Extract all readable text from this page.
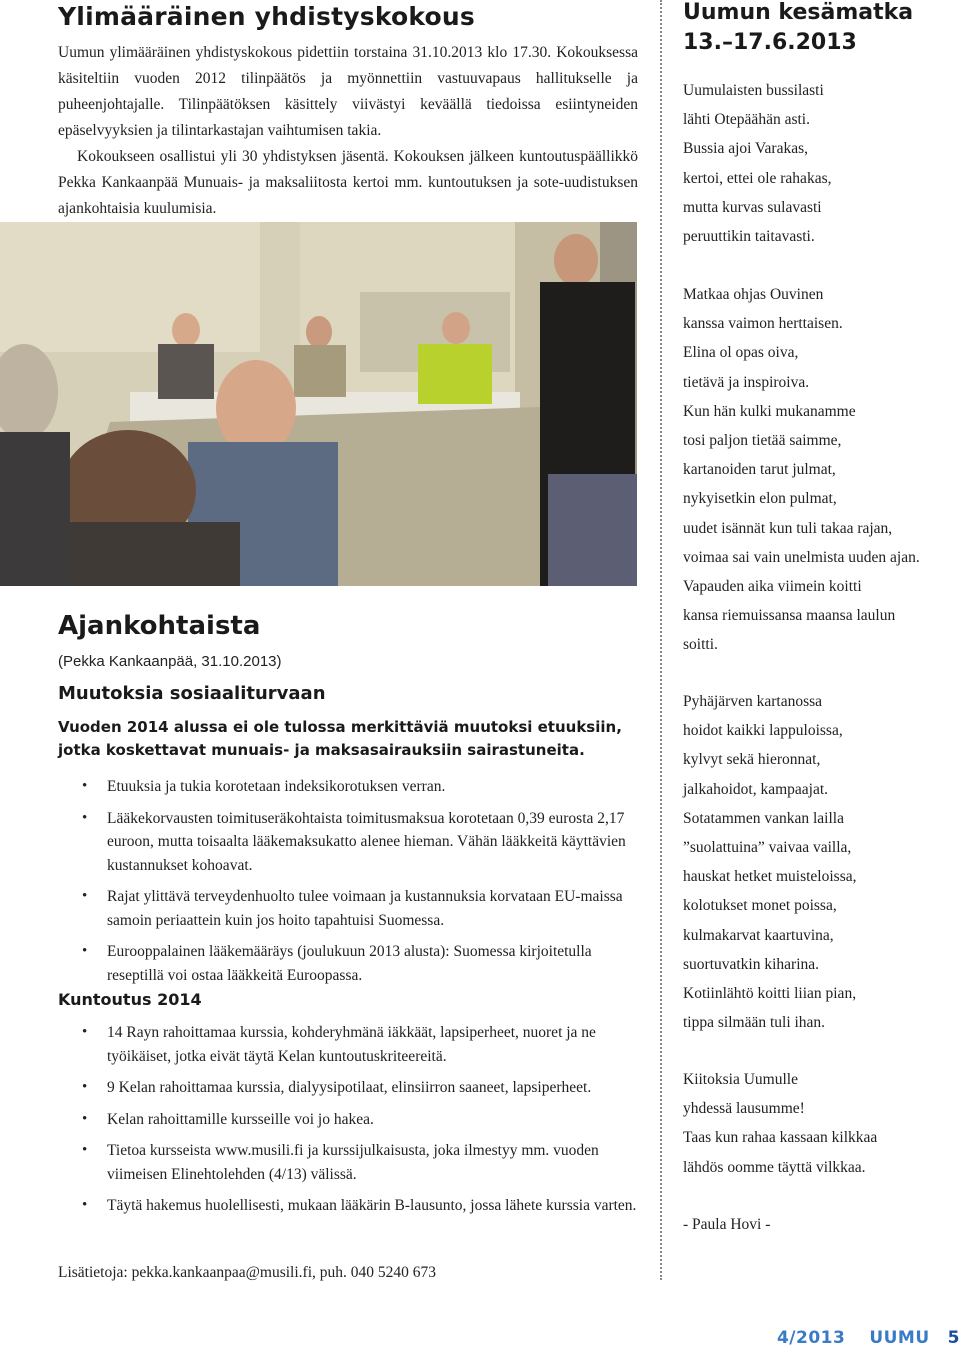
Ylimääräinen yhdistyskokous

Uumun ylimääräinen yhdistyskokous pidettiin torstaina 31.10.2013 klo 17.30. Kokouksessa käsiteltiin vuoden 2012 tilinpäätös ja myönnettiin vastuuvapaus hallitukselle ja puheenjohtajalle. Tilinpäätöksen käsittely viivästyi keväällä tiedoissa esiintyneiden epäselvyyksien ja tilintarkastajan vaihtumisen takia.

Kokoukseen osallistui yli 30 yhdistyksen jäsentä. Kokouksen jälkeen kuntoutuspäällikkö Pekka Kankaanpää Munuais- ja maksaliitosta kertoi mm. kuntoutuksen ja sote-uudistuksen ajankohtaisia kuulumisia.

Ajankohtaista
(Pekka Kankaanpää, 31.10.2013)
Muutoksia sosiaaliturvaan
Vuoden 2014 alussa ei ole tulossa merkittäviä muutoksi etuuksiin, jotka koskettavat munuais- ja maksasairauksiin sairastuneita.
• Etuuksia ja tukia korotetaan indeksikorotuksen verran.
• Lääkekorvausten toimituseräkohtaista toimitusmaksua korotetaan 0,39 eurosta 2,17 euroon, mutta toisaalta lääkemaksukatto alenee hieman. Vähän lääkkeitä käyttävien kustannukset kohoavat.
• Rajat ylittävä terveydenhuolto tulee voimaan ja kustannuksia korvataan EU-maissa samoin periaattein kuin jos hoito tapahtuisi Suomessa.
• Eurooppalainen lääkemääräys (joulukuun 2013 alusta): Suomessa kirjoitetulla reseptillä voi ostaa lääkkeitä Euroopassa.
Kuntoutus 2014
• 14 Rayn rahoittamaa kurssia, kohderyhmänä iäkkäät, lapsiperheet, nuoret ja ne työikäiset, jotka eivät täytä Kelan kuntoutuskriteereitä.
• 9 Kelan rahoittamaa kurssia, dialyysipotilaat, elinsiirron saaneet, lapsiperheet.
• Kelan rahoittamille kursseille voi jo hakea.
• Tietoa kursseista www.musili.fi ja kurssijulkaisusta, joka ilmestyy mm. vuoden viimeisen Elinehtolehden (4/13) välissä.
• Täytä hakemus huolellisesti, mukaan lääkärin B-lausunto, jossa lähete kurssia varten.
Lisätietoja: pekka.kankaanpaa@musili.fi, puh. 040 5240 673
Uumun kesämatka
13.–17.6.2013
Uumulaisten bussilasti
lähti Otepäähän asti.
Bussia ajoi Varakas,
kertoi, ettei ole rahakas,
mutta kurvas sulavasti
peruuttikin taitavasti.
Matkaa ohjas Ouvinen
kanssa vaimon herttaisen.
Elina ol opas oiva,
tietävä ja inspiroiva.
Kun hän kulki mukanamme
tosi paljon tietää saimme,
kartanoiden tarut julmat,
nykyisetkin elon pulmat,
uudet isännät kun tuli takaa rajan,
voimaa sai vain unelmista uuden ajan.
Vapauden aika viimein koitti
kansa riemuissansa maansa laulun
soitti.
Pyhäjärven kartanossa
hoidot kaikki lappuloissa,
kylvyt sekä hieronnat,
jalkahoidot, kampaajat.
Sotatammen vankan lailla
”suolattuina” vaivaa vailla,
hauskat hetket muisteloissa,
kolotukset monet poissa,
kulmakarvat kaartuvina,
suortuvatkin kiharina.
Kotiinlähtö koitti liian pian,
tippa silmään tuli ihan.
Kiitoksia Uumulle
yhdessä lausumme!
Taas kun rahaa kassaan kilkkaa
lähdös oomme täyttä vilkkaa.
- Paula Hovi -
4/2013 UUMU 5
